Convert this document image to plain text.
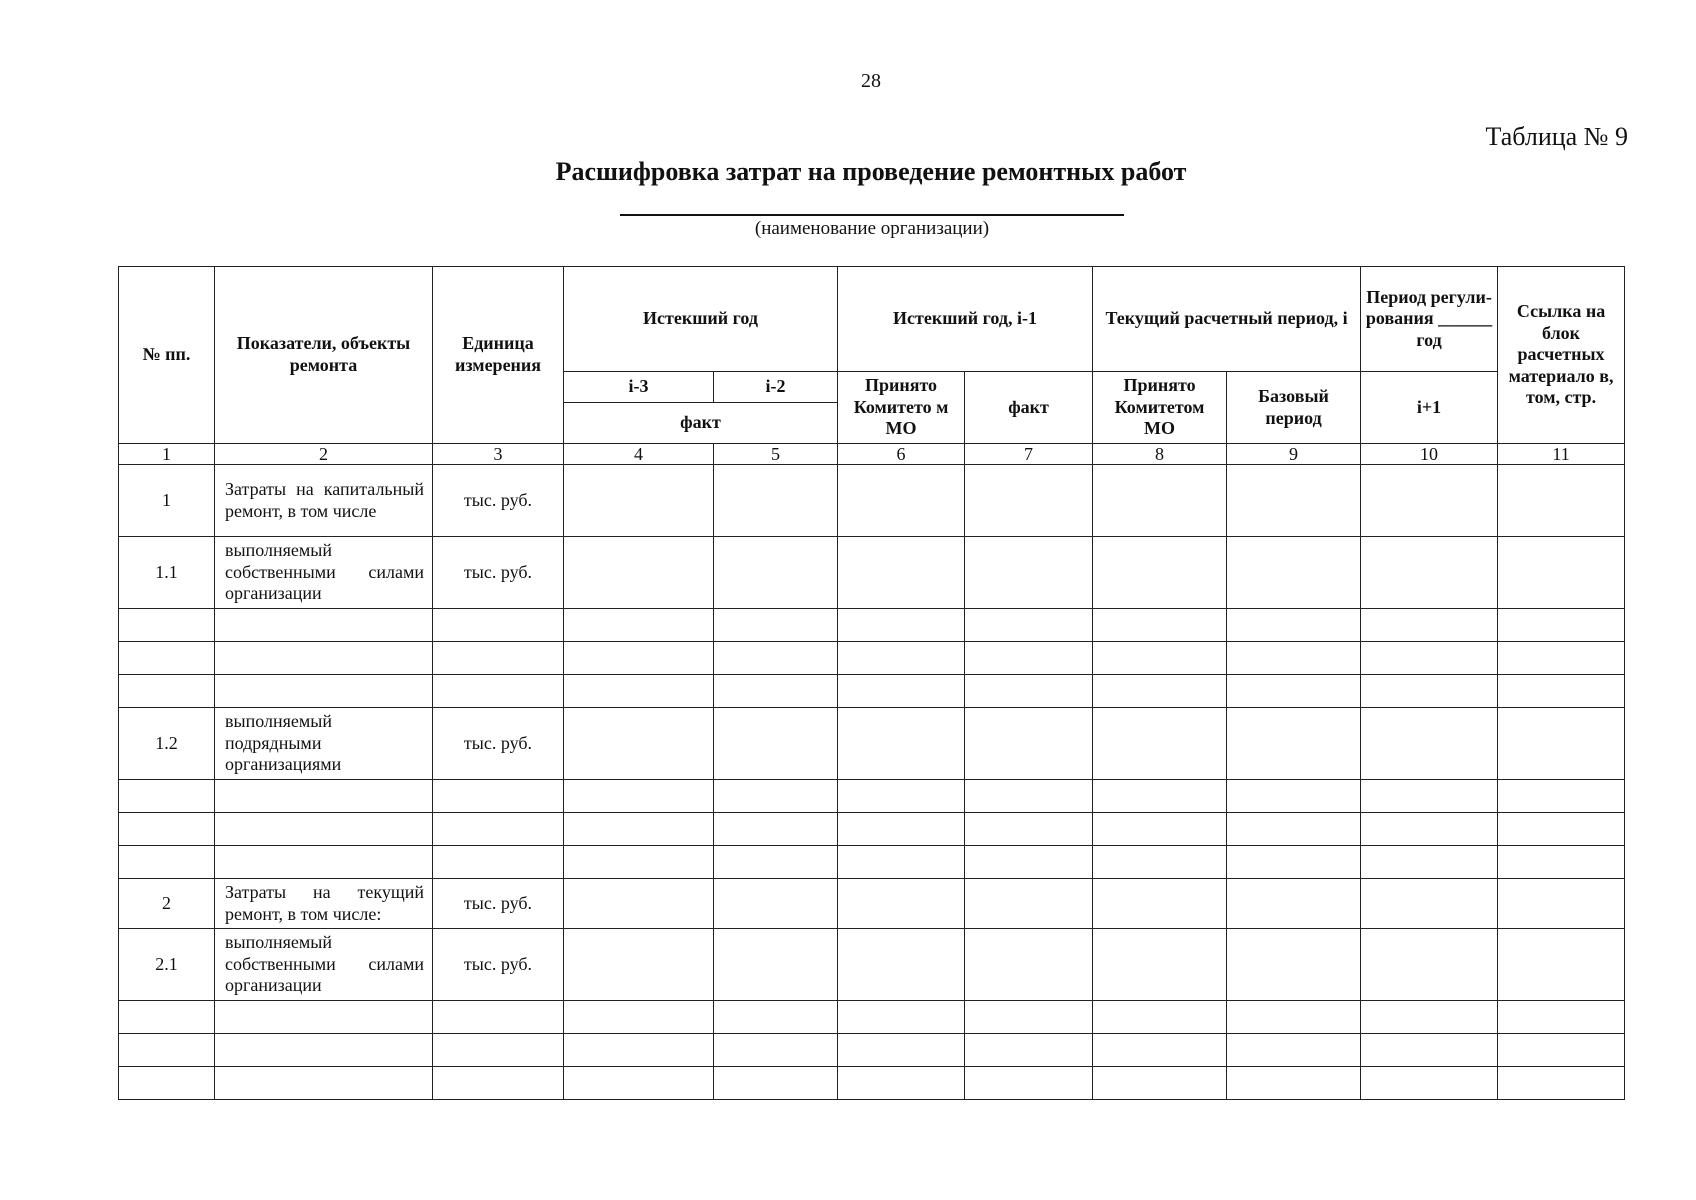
28
Таблица № 9
Расшифровка затрат на проведение ремонтных работ
(наименование организации)
№ пп.	Показатели, объекты ремонта	Единица измерения	Истекший год		Истекший год, i-1		Текущий расчетный период, i		Период регули-рования ______ год	Ссылка на блок расчетных материало в, том, стр.
			i-3	i-2	Принято Комитето м МО	факт	Принято Комитетом МО	Базовый период	i+1	
			факт							
1	2	3	4	5	6	7	8	9	10	11
1	Затраты на капитальный ремонт, в том числе	тыс. руб.								
1.1	выполняемый собственными силами организации	тыс. руб.								

1.2	выполняемый подрядными организациями	тыс. руб.								

2	Затраты на текущий ремонт, в том числе:	тыс. руб.								
2.1	выполняемый собственными силами организации	тыс. руб.								
